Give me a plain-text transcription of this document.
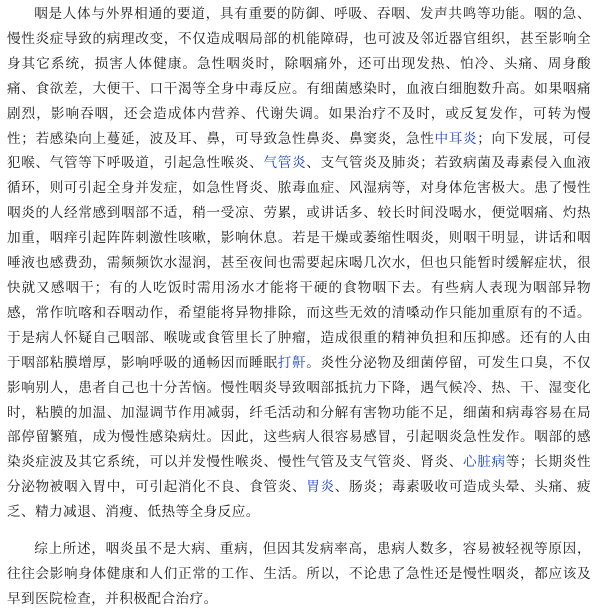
咽是人体与外界相通的要道，具有重要的防御、呼吸、吞咽、发声共鸣等功能。咽的急、慢性炎症导致的病理改变，不仅造成咽局部的机能障碍，也可波及邻近器官组织，甚至影响全身其它系统，损害人体健康。急性咽炎时，除咽痛外，还可出现发热、怕冷、头痛、周身酸痛、食欲差，大便干、口干渴等全身中毒反应。有细菌感染时，血液白细胞数升高。如果咽痛剧烈，影响吞咽，还会造成体内营养、代谢失调。如果治疗不及时，或反复发作，可转为慢性；若感染向上蔓延，波及耳、鼻，可导致急性鼻炎、鼻窦炎，急性中耳炎；向下发展，可侵犯喉、气管等下呼吸道，引起急性喉炎、气管炎、支气管炎及肺炎；若致病菌及毒素侵入血液循环，则可引起全身并发症，如急性肾炎、脓毒血症、风湿病等，对身体危害极大。患了慢性咽炎的人经常感到咽部不适，稍一受凉、劳累，或讲话多、较长时间没喝水，便觉咽痛、灼热加重，咽痒引起阵阵刺激性咳嗽，影响休息。若是干燥或萎缩性咽炎，则咽干明显，讲话和咽唾液也感费劲，需频频饮水湿润，甚至夜间也需要起床喝几次水，但也只能暂时缓解症状，很快就又感咽干；有的人吃饭时需用汤水才能将干硬的食物咽下去。有些病人表现为咽部异物感，常作吭喀和吞咽动作，希望能将异物排除，而这些无效的清嗓动作只能加重原有的不适。于是病人怀疑自己咽部、喉咙或食管里长了肿瘤，造成很重的精神负担和压抑感。还有的人由于咽部粘膜增厚，影响呼吸的通畅因而睡眠打鼾。炎性分泌物及细菌停留，可发生口臭，不仅影响别人，患者自己也十分苦恼。慢性咽炎导致咽部抵抗力下降，遇气候冷、热、干、湿变化时，粘膜的加温、加湿调节作用减弱，纤毛活动和分解有害物功能不足，细菌和病毒容易在局部停留繁殖，成为慢性感染病灶。因此，这些病人很容易感冒，引起咽炎急性发作。咽部的感染炎症波及其它系统，可以并发慢性喉炎、慢性气管及支气管炎、肾炎、心脏病等；长期炎性分泌物被咽入胃中，可引起消化不良、食管炎、胃炎、肠炎；毒素吸收可造成头晕、头痛、疲乏、精力减退、消瘦、低热等全身反应。

综上所述，咽炎虽不是大病、重病，但因其发病率高，患病人数多，容易被轻视等原因，往往会影响身体健康和人们正常的工作、生活。所以，不论患了急性还是慢性咽炎，都应该及早到医院检查，并积极配合治疗。
